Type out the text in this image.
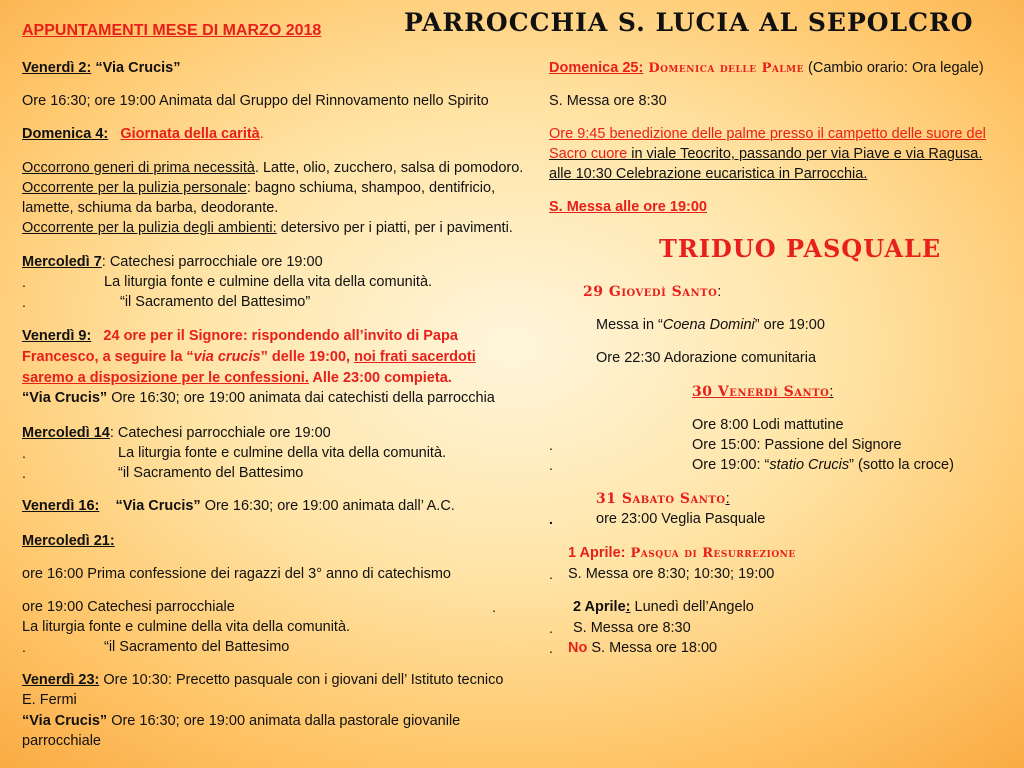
APPUNTAMENTI MESE DI MARZO 2018	PARROCCHIA S. LUCIA AL SEPOLCRO
Venerdì 2: “Via Crucis”
Ore 16:30; ore 19:00 Animata dal Gruppo del Rinnovamento nello Spirito
Domenica 4: Giornata della carità.
Occorrono generi di prima necessità. Latte, olio, zucchero, salsa di pomodoro.
Occorrente per la pulizia personale: bagno schiuma, shampoo, dentifricio,
lamette, schiuma da barba, deodorante.
Occorrente per la pulizia degli ambienti: detersivo per i piatti, per i pavimenti.
Mercoledì 7: Catechesi parrocchiale ore 19:00
.	La liturgia fonte e culmine della vita della comunità.
.	“il Sacramento del Battesimo”
Venerdì 9: 24 ore per il Signore: rispondendo all’invito di Papa
Francesco, a seguire la “via crucis” delle 19:00, noi frati sacerdoti
saremo a disposizione per le confessioni. Alle 23:00 compieta.
“Via Crucis” Ore 16:30; ore 19:00 animata dai catechisti della parrocchia
Mercoledì 14: Catechesi parrocchiale ore 19:00
.	La liturgia fonte e culmine della vita della comunità.
.	“il Sacramento del Battesimo
Venerdì 16: “Via Crucis” Ore 16:30; ore 19:00 animata dall’ A.C.
Mercoledì 21:
ore 16:00 Prima confessione dei ragazzi del 3° anno di catechismo
ore 19:00 Catechesi parrocchiale	.
La liturgia fonte e culmine della vita della comunità.
.	“il Sacramento del Battesimo
Venerdì 23: Ore 10:30: Precetto pasquale con i giovani dell’ Istituto tecnico
E. Fermi
“Via Crucis” Ore 16:30; ore 19:00 animata dalla pastorale giovanile
parrocchiale
Domenica 25: Domenica delle Palme (Cambio orario: Ora legale)
S. Messa ore 8:30
Ore 9:45 benedizione delle palme presso il campetto delle suore del
Sacro cuore in viale Teocrito, passando per via Piave e via Ragusa.
alle 10:30 Celebrazione eucaristica in Parrocchia.
S. Messa alle ore 19:00
TRIDUO PASQUALE
29 Giovedì Santo:
Messa in “Coena Domini” ore 19:00
Ore 22:30 Adorazione comunitaria
30 Venerdì Santo:
Ore 8:00 Lodi mattutine
.	Ore 15:00: Passione del Signore
.	Ore 19:00: “statio Crucis” (sotto la croce)
31 Sabato Santo:
.	ore 23:00 Veglia Pasquale
1 Aprile: Pasqua di Resurrezione
. S. Messa ore 8:30; 10:30; 19:00
2 Aprile: Lunedì dell’Angelo
. S. Messa ore 8:30
. No S. Messa ore 18:00
